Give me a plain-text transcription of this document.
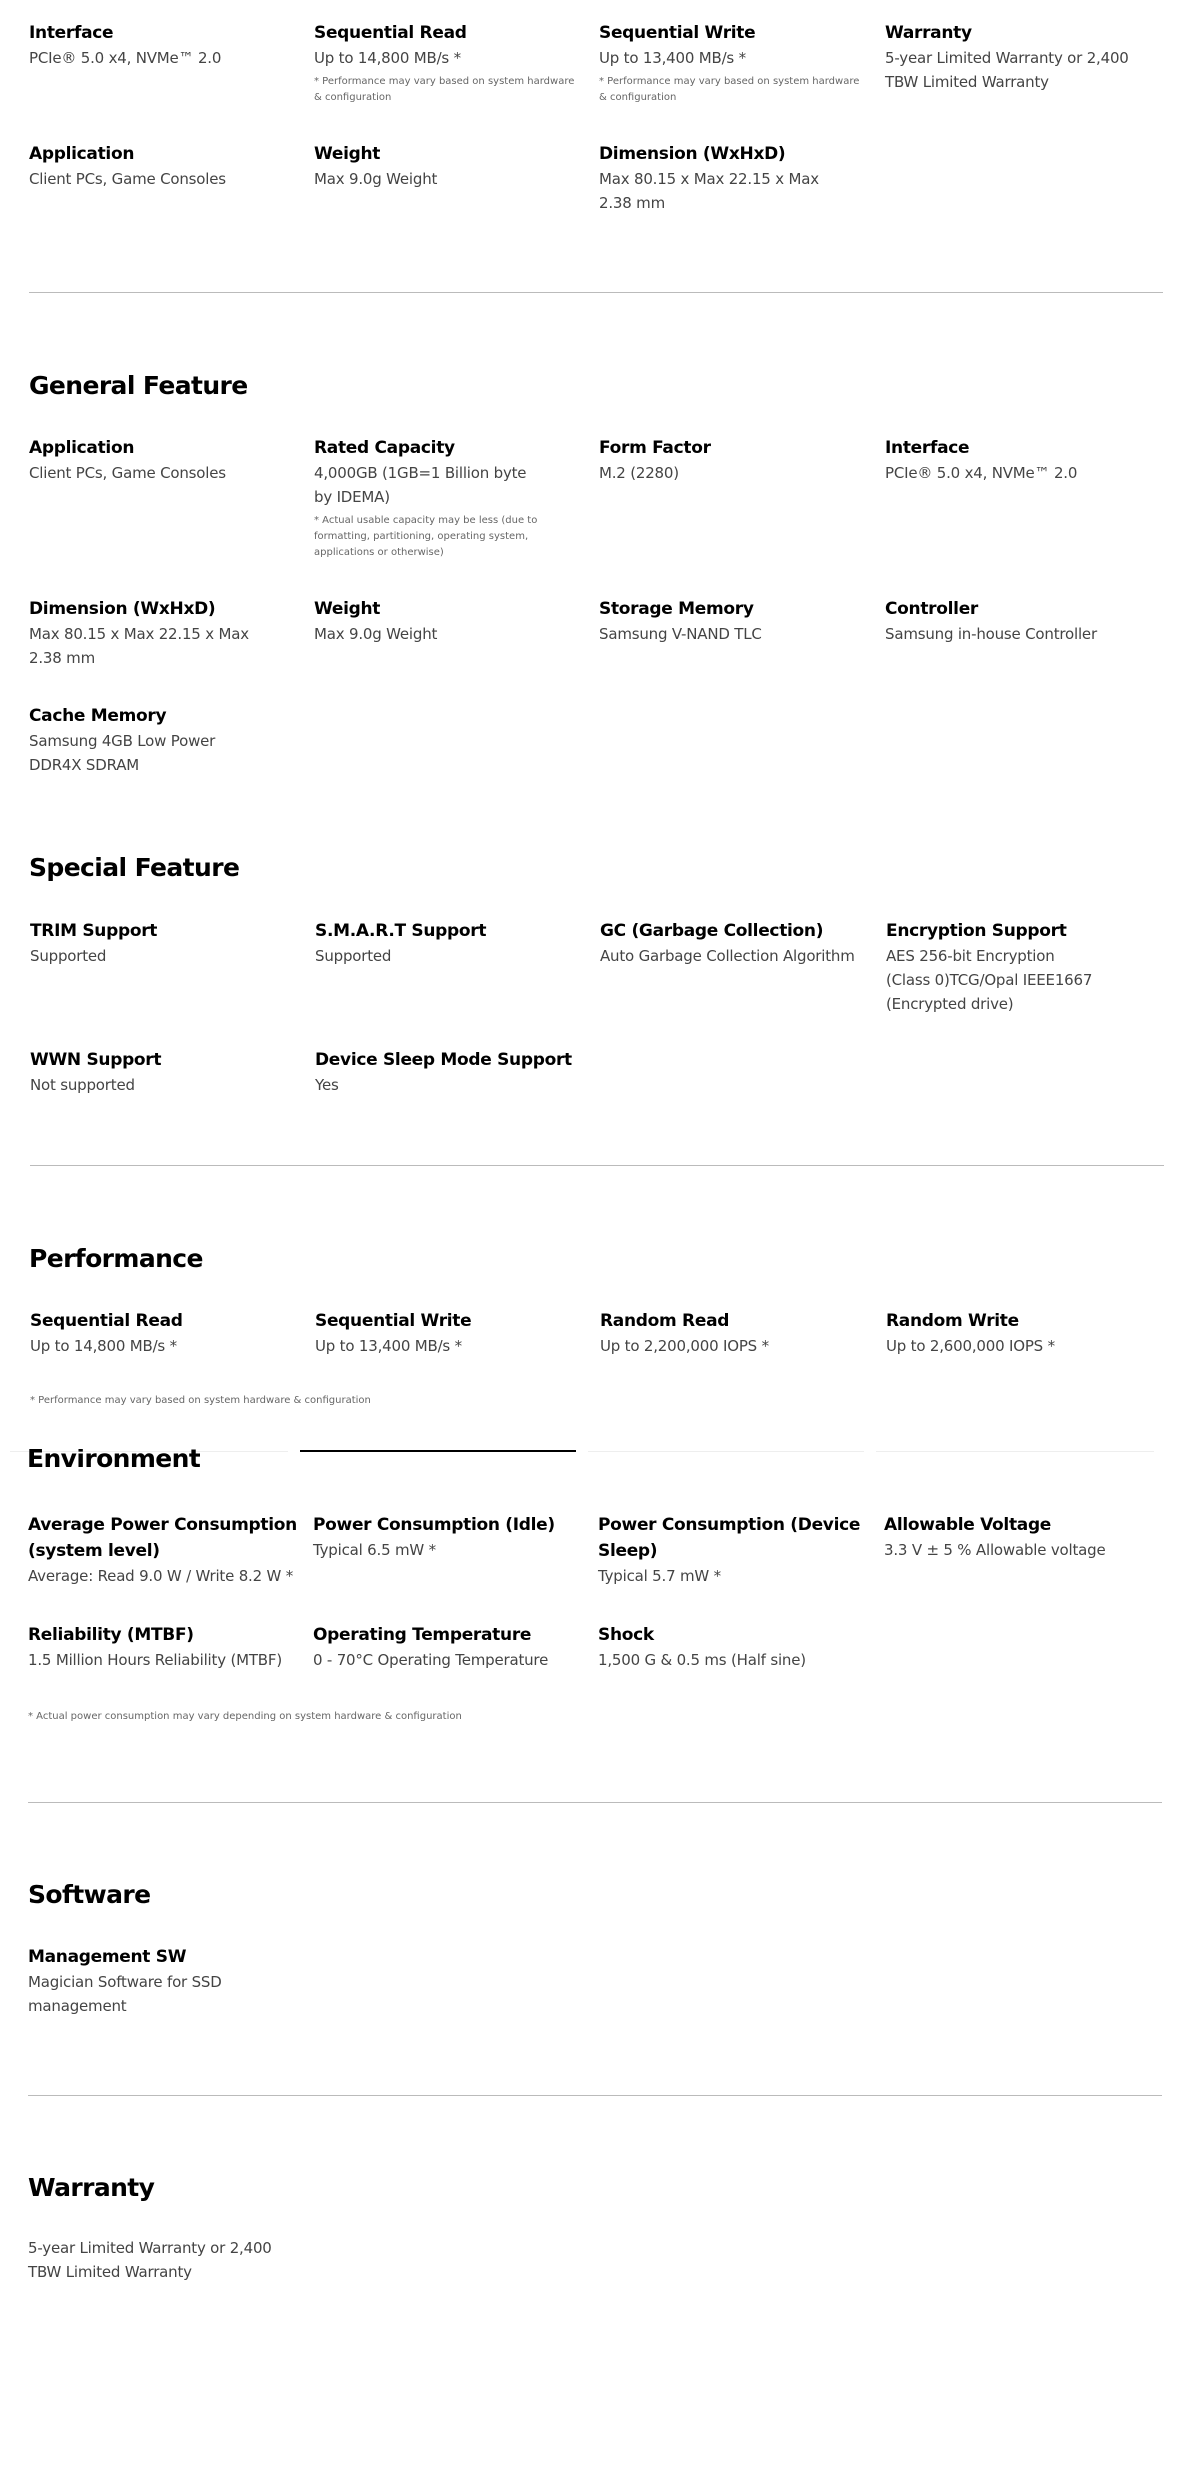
Interface
PCIe® 5.0 x4, NVMe™ 2.0
Sequential Read
Up to 14,800 MB/s *
* Performance may vary based on system hardware
& configuration
Sequential Write
Up to 13,400 MB/s *
* Performance may vary based on system hardware
& configuration
Warranty
5-year Limited Warranty or 2,400
TBW Limited Warranty
Application
Client PCs, Game Consoles
Weight
Max 9.0g Weight
Dimension (WxHxD)
Max 80.15 x Max 22.15 x Max
2.38 mm
General Feature
Application
Client PCs, Game Consoles
Rated Capacity
4,000GB (1GB=1 Billion byte
by IDEMA)
* Actual usable capacity may be less (due to
formatting, partitioning, operating system,
applications or otherwise)
Form Factor
M.2 (2280)
Interface
PCIe® 5.0 x4, NVMe™ 2.0
Dimension (WxHxD)
Max 80.15 x Max 22.15 x Max
2.38 mm
Weight
Max 9.0g Weight
Storage Memory
Samsung V-NAND TLC
Controller
Samsung in-house Controller
Cache Memory
Samsung 4GB Low Power
DDR4X SDRAM
Special Feature
TRIM Support
Supported
S.M.A.R.T Support
Supported
GC (Garbage Collection)
Auto Garbage Collection Algorithm
Encryption Support
AES 256-bit Encryption
(Class 0)TCG/Opal IEEE1667
(Encrypted drive)
WWN Support
Not supported
Device Sleep Mode Support
Yes
Performance
Sequential Read
Up to 14,800 MB/s *
Sequential Write
Up to 13,400 MB/s *
Random Read
Up to 2,200,000 IOPS *
Random Write
Up to 2,600,000 IOPS *
* Performance may vary based on system hardware & configuration
Environment
Average Power Consumption
(system level)
Average: Read 9.0 W / Write 8.2 W *
Power Consumption (Idle)
Typical 6.5 mW *
Power Consumption (Device
Sleep)
Typical 5.7 mW *
Allowable Voltage
3.3 V ± 5 % Allowable voltage
Reliability (MTBF)
1.5 Million Hours Reliability (MTBF)
Operating Temperature
0 - 70°C Operating Temperature
Shock
1,500 G & 0.5 ms (Half sine)
* Actual power consumption may vary depending on system hardware & configuration
Software
Management SW
Magician Software for SSD
management
Warranty
5-year Limited Warranty or 2,400
TBW Limited Warranty
